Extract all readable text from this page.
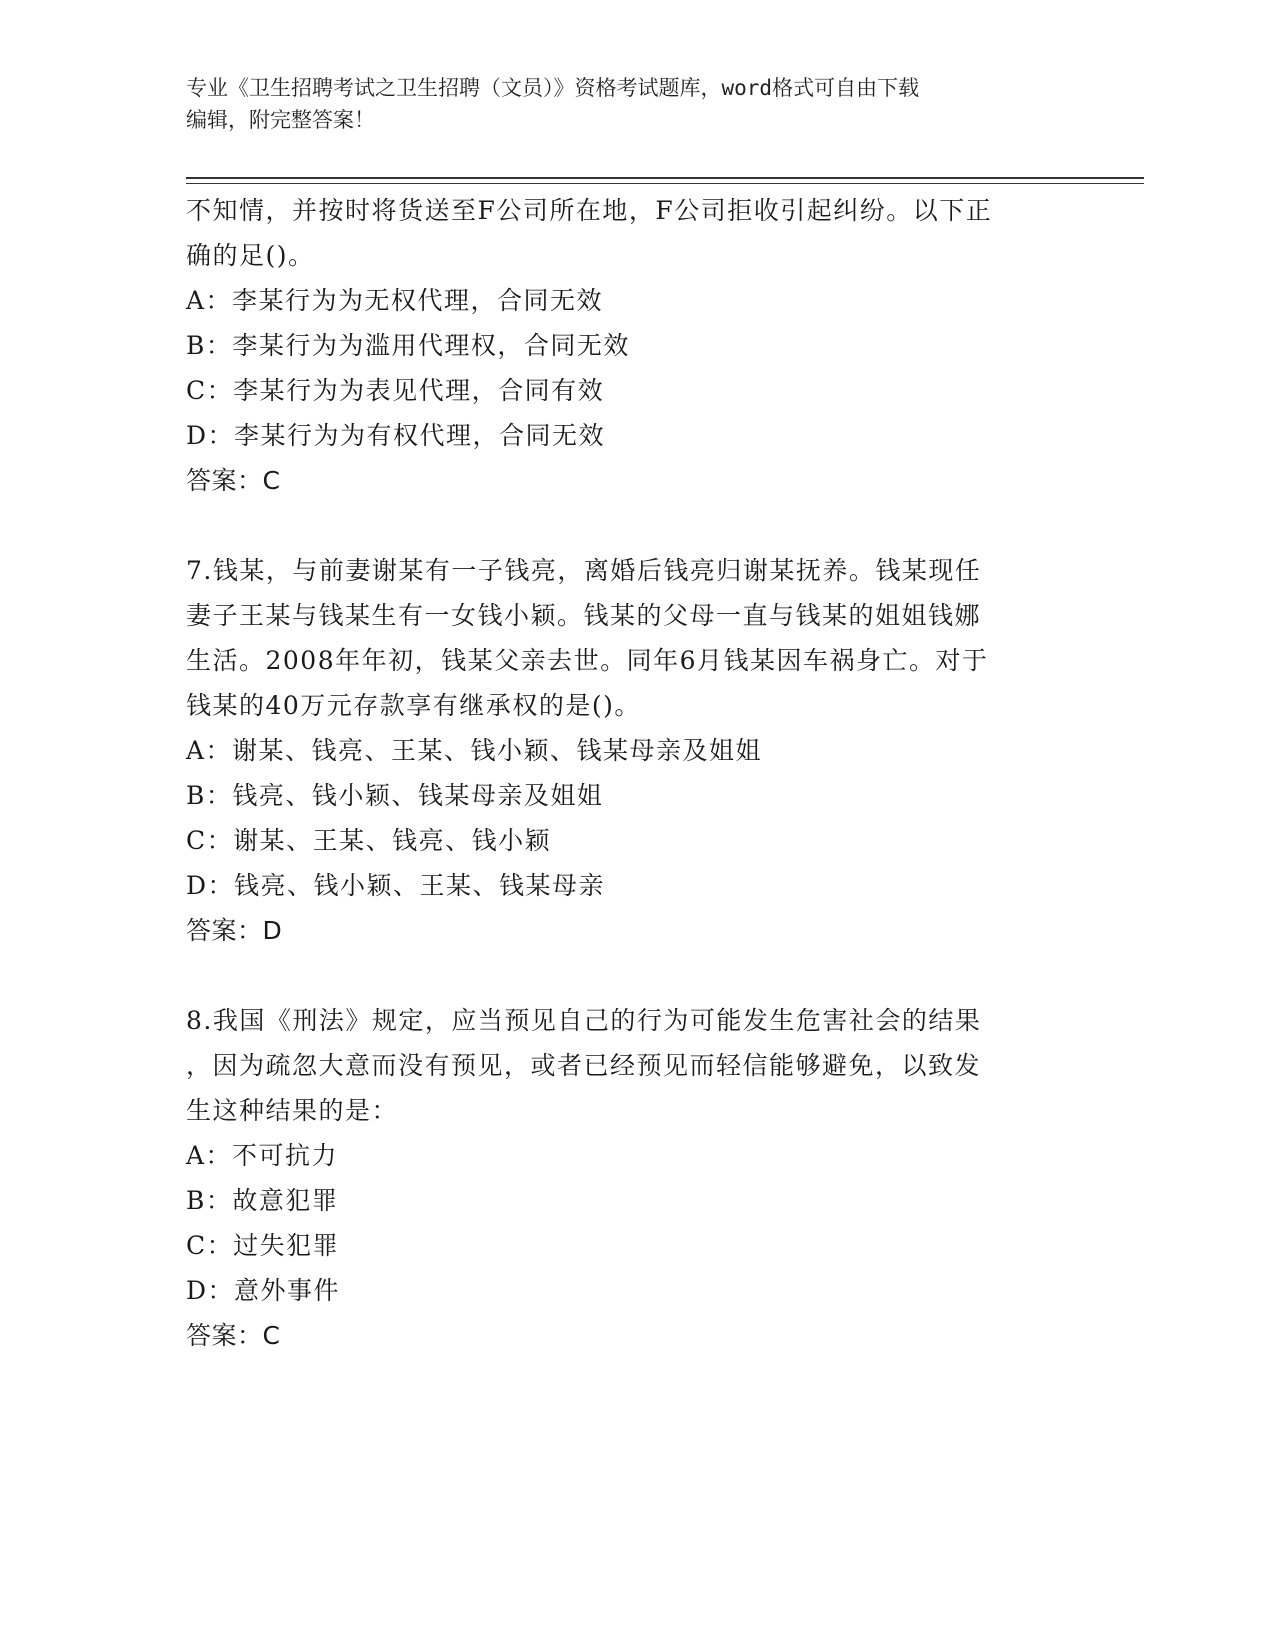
专业《卫生招聘考试之卫生招聘（文员）》资格考试题库，word格式可自由下载
编辑，附完整答案！
不知情，并按时将货送至F公司所在地，F公司拒收引起纠纷。以下正
确的足()。
A：李某行为为无权代理，合同无效
B：李某行为为滥用代理权，合同无效
C：李某行为为表见代理，合同有效
D：李某行为为有权代理，合同无效
答案：C
7.钱某，与前妻谢某有一子钱亮，离婚后钱亮归谢某抚养。钱某现任
妻子王某与钱某生有一女钱小颖。钱某的父母一直与钱某的姐姐钱娜
生活。2008年年初，钱某父亲去世。同年6月钱某因车祸身亡。对于
钱某的40万元存款享有继承权的是()。
A：谢某、钱亮、王某、钱小颖、钱某母亲及姐姐
B：钱亮、钱小颖、钱某母亲及姐姐
C：谢某、王某、钱亮、钱小颖
D：钱亮、钱小颖、王某、钱某母亲
答案：D
8.我国《刑法》规定，应当预见自己的行为可能发生危害社会的结果
，因为疏忽大意而没有预见，或者已经预见而轻信能够避免，以致发
生这种结果的是：
A：不可抗力
B：故意犯罪
C：过失犯罪
D：意外事件
答案：C
